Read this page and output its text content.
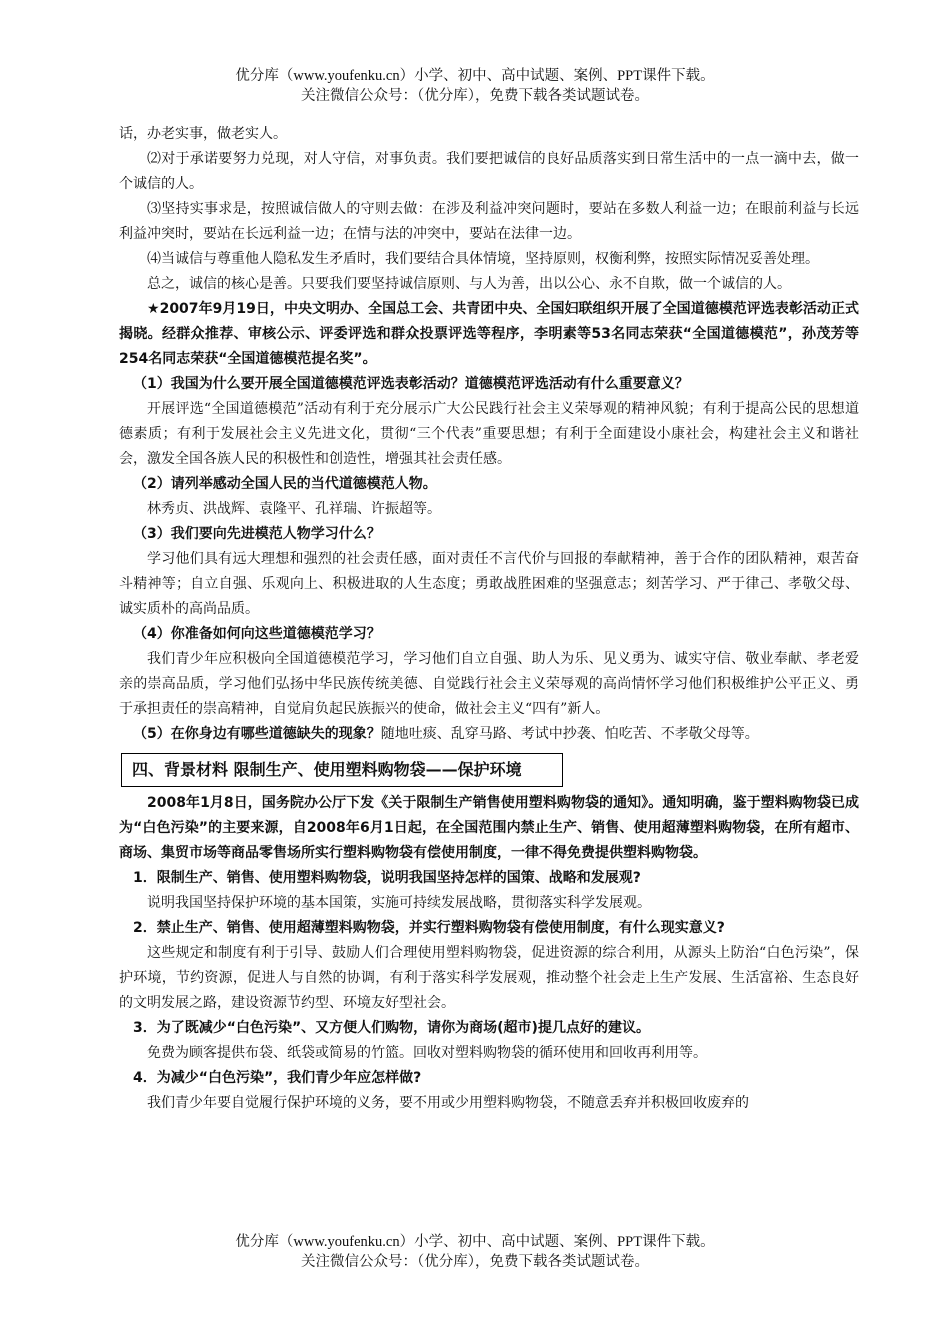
优分库（www.youfenku.cn）小学、初中、高中试题、案例、PPT课件下载。
关注微信公众号：（优分库），免费下载各类试题试卷。

话，办老实事，做老实人。

⑵对于承诺要努力兑现，对人守信，对事负责。我们要把诚信的良好品质落实到日常生活中的一点一滴中去，做一个诚信的人。

⑶坚持实事求是，按照诚信做人的守则去做：在涉及利益冲突问题时，要站在多数人利益一边；在眼前利益与长远利益冲突时，要站在长远利益一边；在情与法的冲突中，要站在法律一边。

⑷当诚信与尊重他人隐私发生矛盾时，我们要结合具体情境，坚持原则，权衡利弊，按照实际情况妥善处理。

总之，诚信的核心是善。只要我们要坚持诚信原则、与人为善，出以公心、永不自欺，做一个诚信的人。

★2007年9月19日，中央文明办、全国总工会、共青团中央、全国妇联组织开展了全国道德模范评选表彰活动正式揭晓。经群众推荐、审核公示、评委评选和群众投票评选等程序，李明素等53名同志荣获“全国道德模范”，孙茂芳等254名同志荣获“全国道德模范提名奖”。

（1）我国为什么要开展全国道德模范评选表彰活动？道德模范评选活动有什么重要意义？

开展评选“全国道德模范”活动有利于充分展示广大公民践行社会主义荣辱观的精神风貌；有利于提高公民的思想道德素质；有利于发展社会主义先进文化，贯彻“三个代表”重要思想；有利于全面建设小康社会，构建社会主义和谐社会，激发全国各族人民的积极性和创造性，增强其社会责任感。

（2）请列举感动全国人民的当代道德模范人物。

林秀贞、洪战辉、袁隆平、孔祥瑞、许振超等。

（3）我们要向先进模范人物学习什么？

学习他们具有远大理想和强烈的社会责任感，面对责任不言代价与回报的奉献精神，善于合作的团队精神，艰苦奋斗精神等；自立自强、乐观向上、积极进取的人生态度；勇敢战胜困难的坚强意志；刻苦学习、严于律己、孝敬父母、诚实质朴的高尚品质。

（4）你准备如何向这些道德模范学习？

我们青少年应积极向全国道德模范学习，学习他们自立自强、助人为乐、见义勇为、诚实守信、敬业奉献、孝老爱亲的崇高品质，学习他们弘扬中华民族传统美德、自觉践行社会主义荣辱观的高尚情怀学习他们积极维护公平正义、勇于承担责任的崇高精神，自觉肩负起民族振兴的使命，做社会主义“四有”新人。

（5）在你身边有哪些道德缺失的现象？随地吐痰、乱穿马路、考试中抄袭、怕吃苦、不孝敬父母等。

四、背景材料 限制生产、使用塑料购物袋——保护环境

2008年1月8日，国务院办公厅下发《关于限制生产销售使用塑料购物袋的通知》。通知明确，鉴于塑料购物袋已成为“白色污染”的主要来源，自2008年6月1日起，在全国范围内禁止生产、销售、使用超薄塑料购物袋，在所有超市、商场、集贸市场等商品零售场所实行塑料购物袋有偿使用制度，一律不得免费提供塑料购物袋。

1．限制生产、销售、使用塑料购物袋，说明我国坚持怎样的国策、战略和发展观?

说明我国坚持保护环境的基本国策，实施可持续发展战略，贯彻落实科学发展观。

2．禁止生产、销售、使用超薄塑料购物袋，并实行塑料购物袋有偿使用制度，有什么现实意义?

这些规定和制度有利于引导、鼓励人们合理使用塑料购物袋，促进资源的综合利用，从源头上防治“白色污染”，保护环境，节约资源，促进人与自然的协调，有利于落实科学发展观，推动整个社会走上生产发展、生活富裕、生态良好的文明发展之路，建设资源节约型、环境友好型社会。

3．为了既减少“白色污染”、又方便人们购物，请你为商场(超市)提几点好的建议。

免费为顾客提供布袋、纸袋或简易的竹篮。回收对塑料购物袋的循环使用和回收再利用等。

4．为减少“白色污染”，我们青少年应怎样做?

我们青少年要自觉履行保护环境的义务，要不用或少用塑料购物袋，不随意丢弃并积极回收废弃的

优分库（www.youfenku.cn）小学、初中、高中试题、案例、PPT课件下载。
关注微信公众号：（优分库），免费下载各类试题试卷。
